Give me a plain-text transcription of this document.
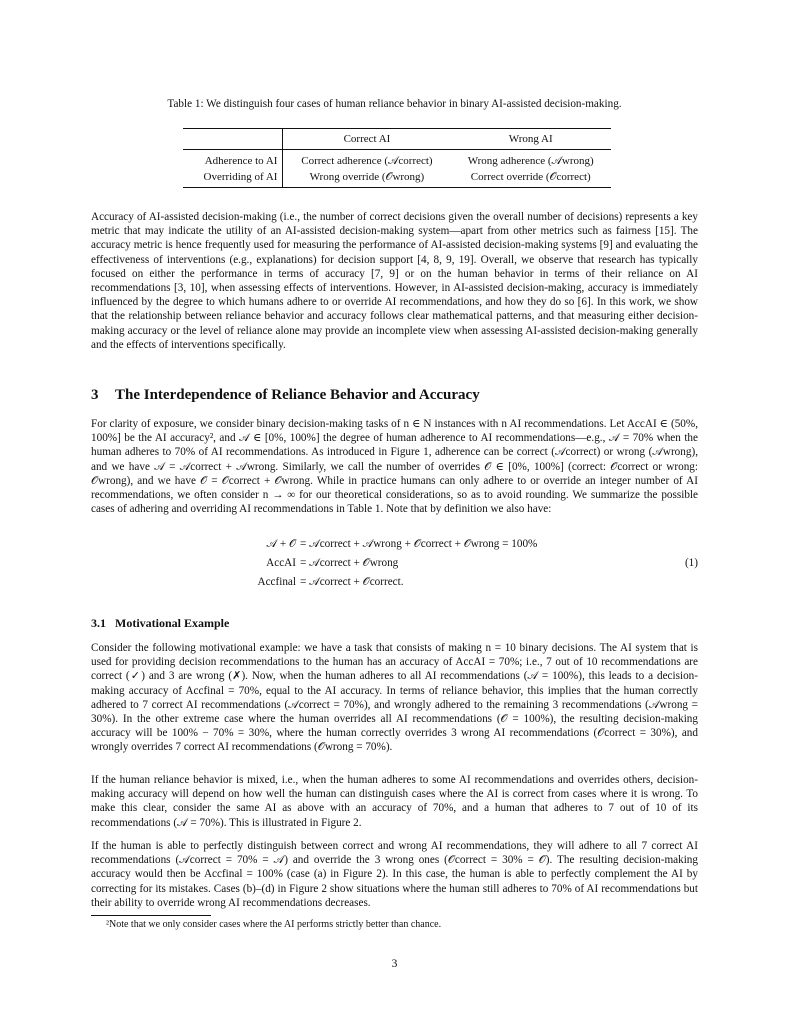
Table 1: We distinguish four cases of human reliance behavior in binary AI-assisted decision-making.
	Correct AI	Wrong AI
Adherence to AI	Correct adherence (𝒜correct)	Wrong adherence (𝒜wrong)
Overriding of AI	Wrong override (𝒪wrong)	Correct override (𝒪correct)

Accuracy of AI-assisted decision-making (i.e., the number of correct decisions given the overall number of decisions) represents a key metric that may indicate the utility of an AI-assisted decision-making system—apart from other metrics such as fairness [15]. The accuracy metric is hence frequently used for measuring the performance of AI-assisted decision-making systems [9] and evaluating the effectiveness of interventions (e.g., explanations) for decision support [4, 8, 9, 19]. Overall, we observe that research has typically focused on either the performance in terms of accuracy [7, 9] or on the human behavior in terms of their reliance on AI recommendations [3, 10], when assessing effects of interventions. However, in AI-assisted decision-making, accuracy is immediately influenced by the degree to which humans adhere to or override AI recommendations, and how they do so [6]. In this work, we show that the relationship between reliance behavior and accuracy follows clear mathematical patterns, and that measuring either decision-making accuracy or the level of reliance alone may provide an incomplete view when assessing AI-assisted decision-making generally and the effects of interventions specifically.

3 The Interdependence of Reliance Behavior and Accuracy

For clarity of exposure, we consider binary decision-making tasks of n ∈ N instances with n AI recommendations. Let AccAI ∈ (50%, 100%] be the AI accuracy², and 𝒜 ∈ [0%, 100%] the degree of human adherence to AI recommendations—e.g., 𝒜 = 70% when the human adheres to 70% of AI recommendations. As introduced in Figure 1, adherence can be correct (𝒜correct) or wrong (𝒜wrong), and we have 𝒜 = 𝒜correct + 𝒜wrong. Similarly, we call the number of overrides 𝒪 ∈ [0%, 100%] (correct: 𝒪correct or wrong: 𝒪wrong), and we have 𝒪 = 𝒪correct + 𝒪wrong. While in practice humans can only adhere to or override an integer number of AI recommendations, we often consider n → ∞ for our theoretical considerations, so as to avoid rounding. We summarize the possible cases of adhering and overriding AI recommendations in Table 1. Note that by definition we also have:

𝒜 + 𝒪 = 𝒜correct + 𝒜wrong + 𝒪correct + 𝒪wrong = 100%
AccAI = 𝒜correct + 𝒪wrong
Accfinal = 𝒜correct + 𝒪correct.
(1)
3.1 Motivational Example

Consider the following motivational example: we have a task that consists of making n = 10 binary decisions. The AI system that is used for providing decision recommendations to the human has an accuracy of AccAI = 70%; i.e., 7 out of 10 recommendations are correct (✓) and 3 are wrong (✗). Now, when the human adheres to all AI recommendations (𝒜 = 100%), this leads to a decision-making accuracy of Accfinal = 70%, equal to the AI accuracy. In terms of reliance behavior, this implies that the human correctly adhered to 7 correct AI recommendations (𝒜correct = 70%), and wrongly adhered to the remaining 3 recommendations (𝒜wrong = 30%). In the other extreme case where the human overrides all AI recommendations (𝒪 = 100%), the resulting decision-making accuracy will be 100% − 70% = 30%, where the human correctly overrides 3 wrong AI recommendations (𝒪correct = 30%), and wrongly overrides 7 correct AI recommendations (𝒪wrong = 70%).

If the human reliance behavior is mixed, i.e., when the human adheres to some AI recommendations and overrides others, decision-making accuracy will depend on how well the human can distinguish cases where the AI is correct from cases where it is wrong. To make this clear, consider the same AI as above with an accuracy of 70%, and a human that adheres to 7 out of 10 of its recommendations (𝒜 = 70%). This is illustrated in Figure 2.

If the human is able to perfectly distinguish between correct and wrong AI recommendations, they will adhere to all 7 correct AI recommendations (𝒜correct = 70% = 𝒜) and override the 3 wrong ones (𝒪correct = 30% = 𝒪). The resulting decision-making accuracy would then be Accfinal = 100% (case (a) in Figure 2). In this case, the human is able to perfectly complement the AI by correcting for its mistakes. Cases (b)–(d) in Figure 2 show situations where the human still adheres to 70% of AI recommendations but their ability to override wrong AI recommendations decreases.

²Note that we only consider cases where the AI performs strictly better than chance.
3
